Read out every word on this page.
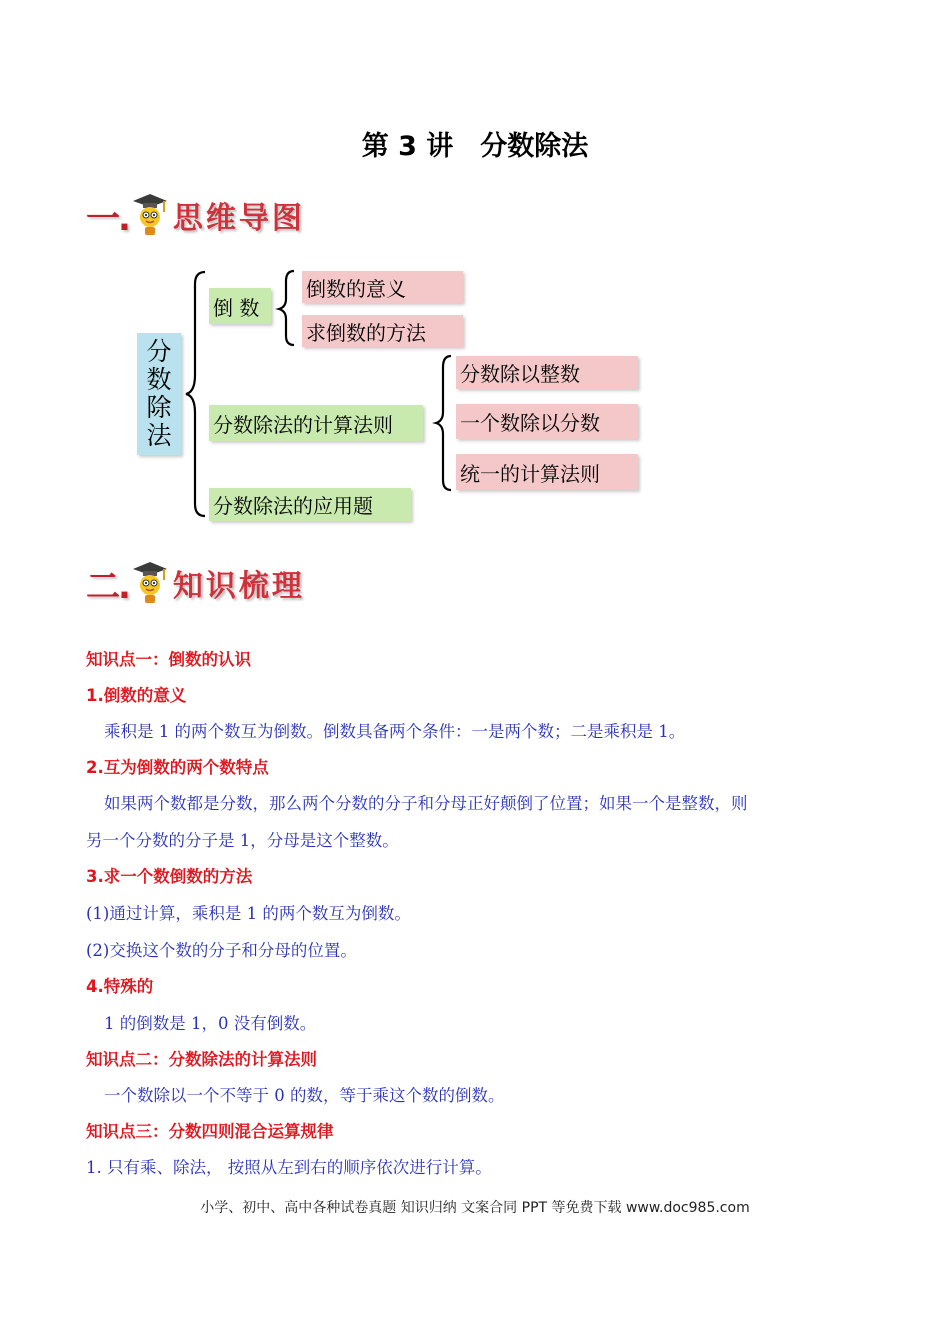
第 3 讲　分数除法
一. 思维导图
分
数
除
法
倒 数
倒数的意义
求倒数的方法
分数除法的计算法则
分数除以整数
一个数除以分数
统一的计算法则
分数除法的应用题
二. 知识梳理
知识点一：倒数的认识
1.倒数的意义
乘积是 1 的两个数互为倒数。倒数具备两个条件：一是两个数；二是乘积是 1。
2.互为倒数的两个数特点
如果两个数都是分数，那么两个分数的分子和分母正好颠倒了位置；如果一个是整数，则
另一个分数的分子是 1，分母是这个整数。
3.求一个数倒数的方法
(1)通过计算，乘积是 1 的两个数互为倒数。
(2)交换这个数的分子和分母的位置。
4.特殊的
1 的倒数是 1，0 没有倒数。
知识点二：分数除法的计算法则
一个数除以一个不等于 0 的数，等于乘这个数的倒数。
知识点三：分数四则混合运算规律
1. 只有乘、除法， 按照从左到右的顺序依次进行计算。
小学、初中、高中各种试卷真题 知识归纳 文案合同 PPT 等免费下载 www.doc985.com
